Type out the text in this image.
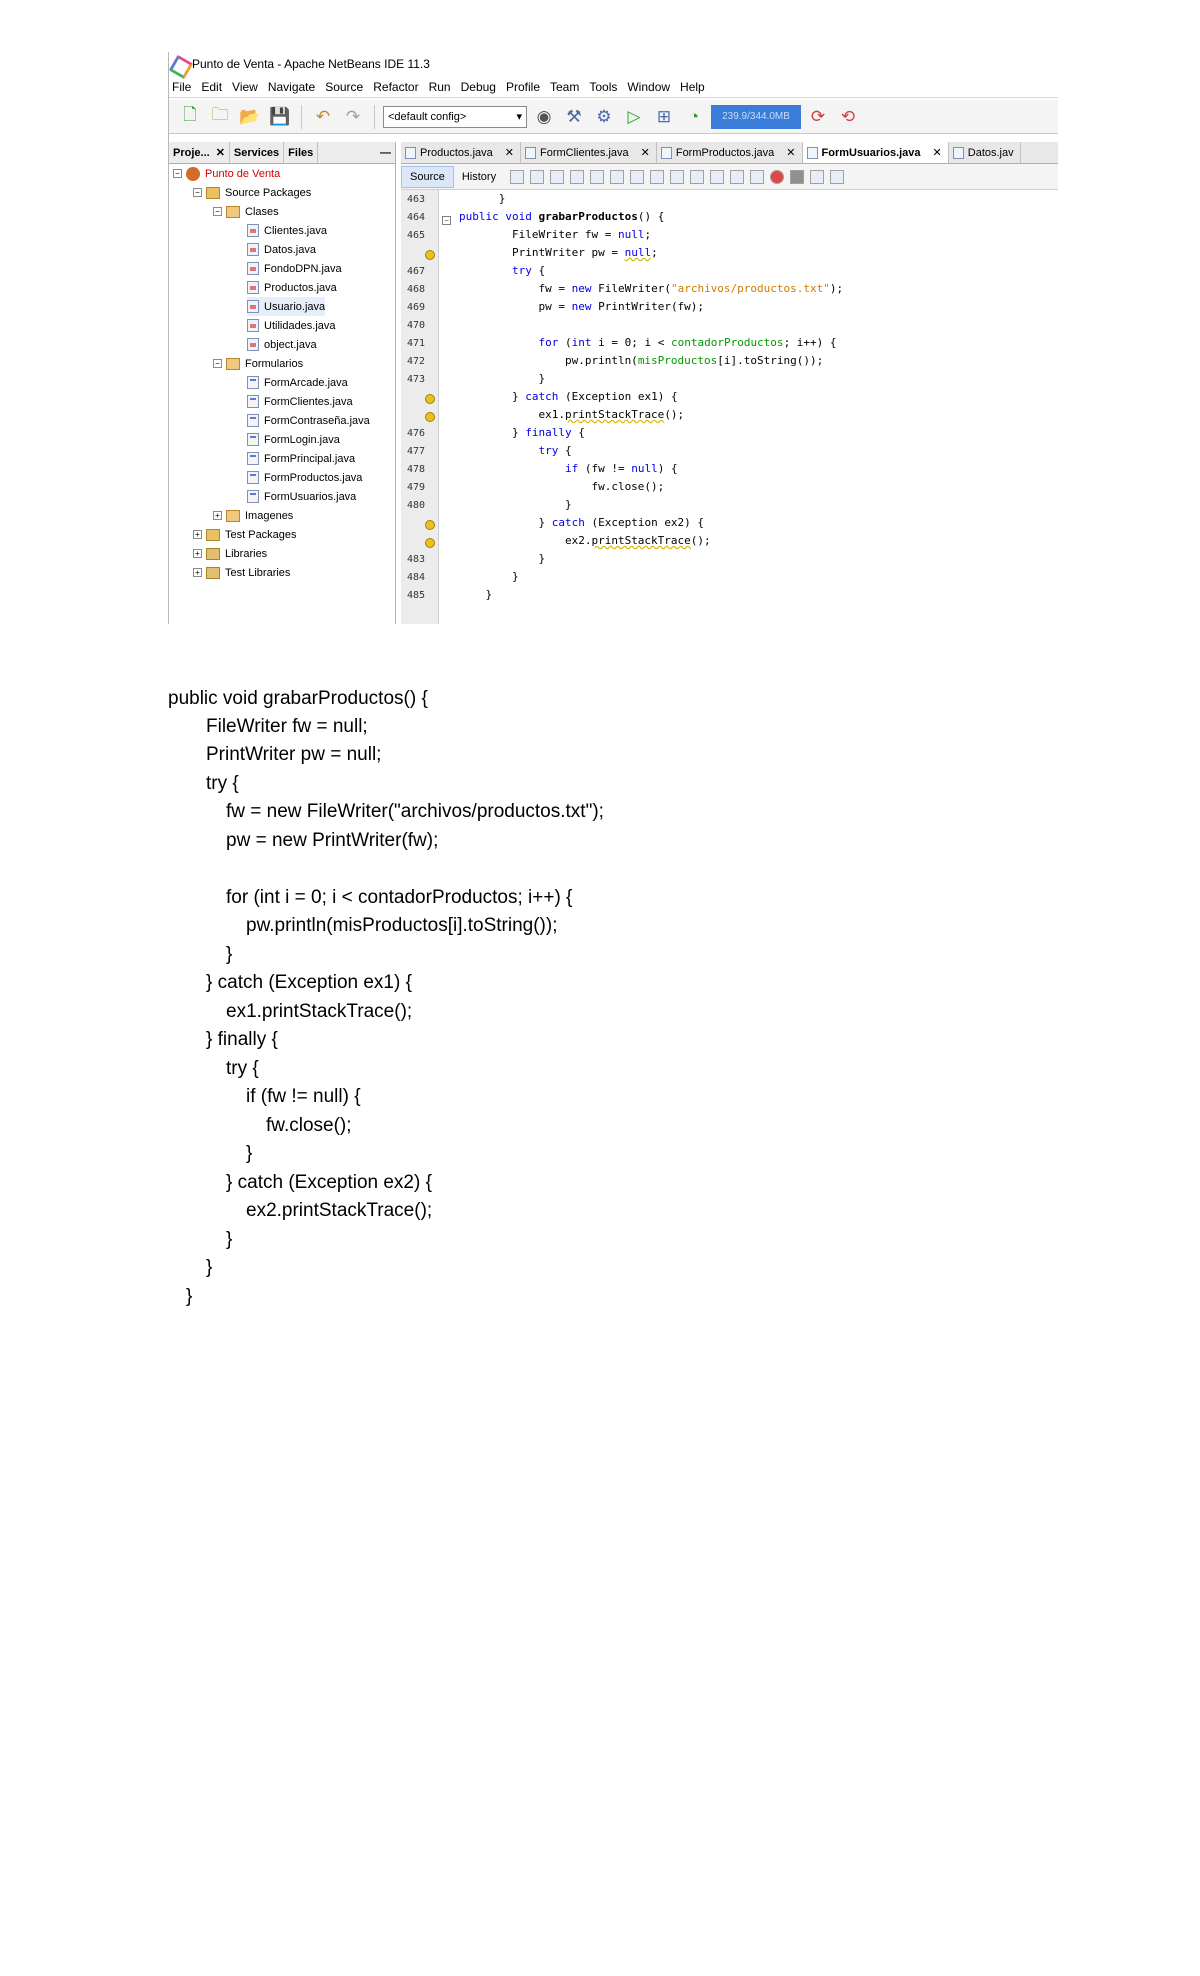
Punto de Venta - Apache NetBeans IDE 11.3
File Edit View Navigate Source Refactor Run Debug Profile Team Tools Window Help
🗋 🗀 📂 💾	↶ ↷	<default config>	▾ ◉ ⚒ ⚙ ▷ ⊞	◔	239.9/344.0MB	⟳ ⟲
Proje... ✕ Services Files	—
− Punto de Venta
− Source Packages
− Clases
Clientes.java
Datos.java
FondoDPN.java
Productos.java
Usuario.java
Utilidades.java
object.java
− Formularios
FormArcade.java
FormClientes.java
FormContraseña.java
FormLogin.java
FormPrincipal.java
FormProductos.java
FormUsuarios.java
+ Imagenes
+ Test Packages
+ Libraries
+ Test Libraries
Productos.java ✕ FormClientes.java ✕ FormProductos.java ✕ FormUsuarios.java ✕ Datos.jav
Source	History
463
464
465
467
468
469
470
471
472
473
476
477
478
479
480
483
484
485
−
}
public void grabarProductos() {
FileWriter fw = null;
PrintWriter pw = null;
try {
fw = new FileWriter("archivos/productos.txt");
pw = new PrintWriter(fw);

for (int i = 0; i < contadorProductos; i++) {
pw.println(misProductos[i].toString());
}
} catch (Exception ex1) {
ex1.printStackTrace();
} finally {
try {
if (fw != null) {
fw.close();
}
} catch (Exception ex2) {
ex2.printStackTrace();
}
}
}
public void grabarProductos() {
FileWriter fw = null;
PrintWriter pw = null;
try {
fw = new FileWriter("archivos/productos.txt");
pw = new PrintWriter(fw);
for (int i = 0; i < contadorProductos; i++) {
pw.println(misProductos[i].toString());
}
} catch (Exception ex1) {
ex1.printStackTrace();
} finally {
try {
if (fw != null) {
fw.close();
}
} catch (Exception ex2) {
ex2.printStackTrace();
}
}
}
